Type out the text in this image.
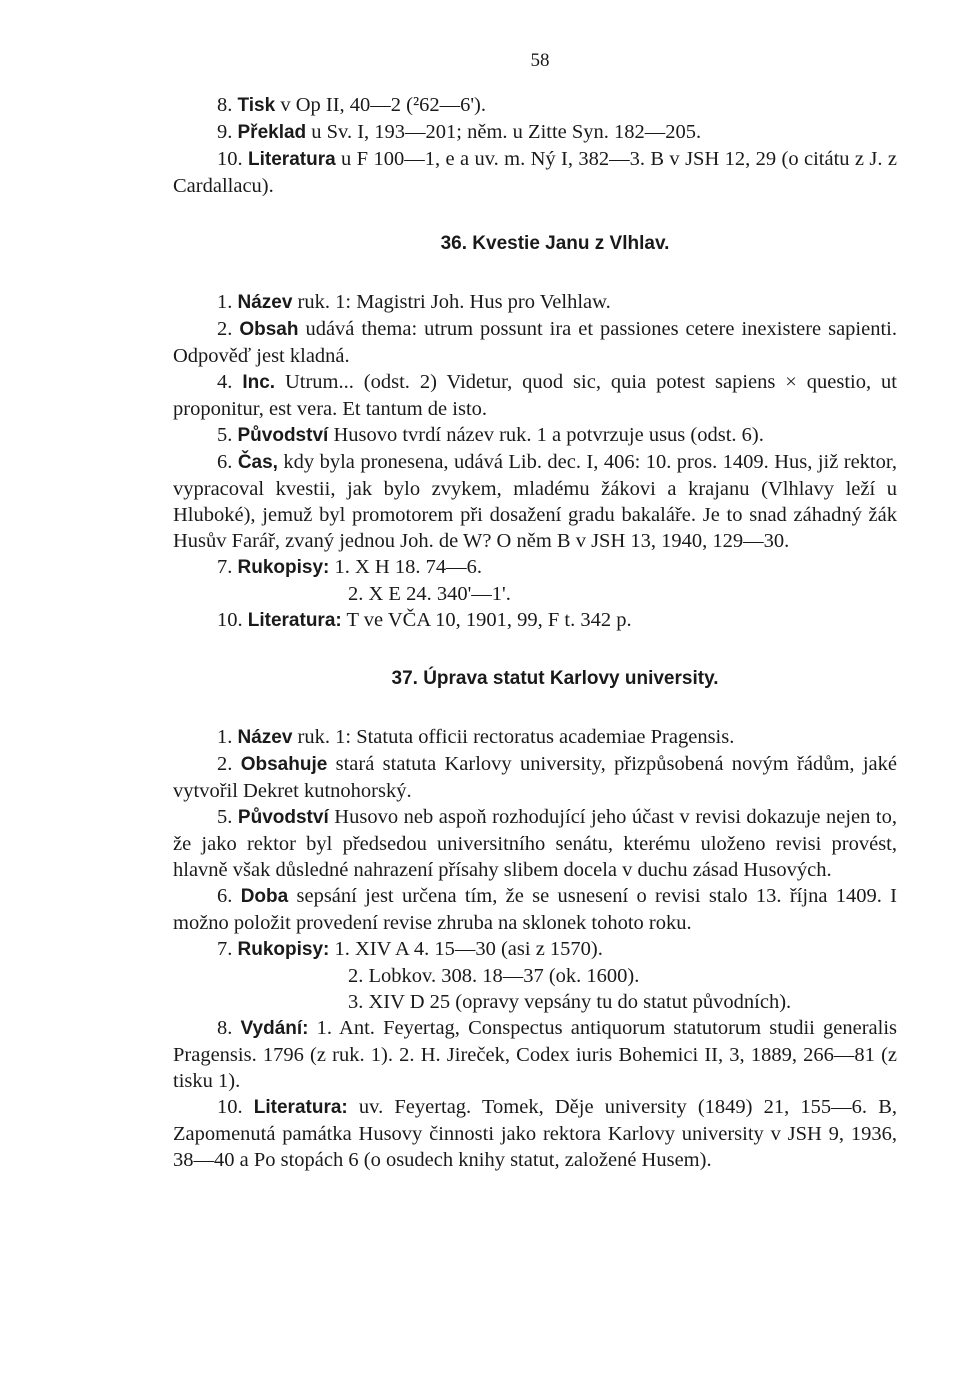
58

8. Tisk v Op II, 40—2 (²62—6').

9. Překlad u Sv. I, 193—201; něm. u Zitte Syn. 182—205.

10. Literatura u F 100—1, e a uv. m. Ný I, 382—3. B v JSH 12, 29 (o citátu z J. z Cardallacu).

36. Kvestie Janu z Vlhlav.

1. Název ruk. 1: Magistri Joh. Hus pro Velhlaw.

2. Obsah udává thema: utrum possunt ira et passiones cetere inexistere sapienti. Odpověď jest kladná.

4. Inc. Utrum... (odst. 2) Videtur, quod sic, quia potest sapiens × questio, ut proponitur, est vera. Et tantum de isto.

5. Původství Husovo tvrdí název ruk. 1 a potvrzuje usus (odst. 6).

6. Čas, kdy byla pronesena, udává Lib. dec. I, 406: 10. pros. 1409. Hus, již rektor, vypracoval kvestii, jak bylo zvykem, mladému žákovi a krajanu (Vlhlavy leží u Hluboké), jemuž byl promotorem při dosažení gradu bakaláře. Je to snad záhadný žák Husův Farář, zvaný jednou Joh. de W? O něm B v JSH 13, 1940, 129—30.

7. Rukopisy: 1. X H 18. 74—6.

2. X E 24. 340'—1'.

10. Literatura: T ve VČA 10, 1901, 99, F t. 342 p.

37. Úprava statut Karlovy university.

1. Název ruk. 1: Statuta officii rectoratus academiae Pragensis.

2. Obsahuje stará statuta Karlovy university, přizpůsobená novým řádům, jaké vytvořil Dekret kutnohorský.

5. Původství Husovo neb aspoň rozhodující jeho účast v revisi dokazuje nejen to, že jako rektor byl předsedou universitního senátu, kterému uloženo revisi provést, hlavně však důsledné nahrazení přísahy slibem docela v duchu zásad Husových.

6. Doba sepsání jest určena tím, že se usnesení o revisi stalo 13. října 1409. I možno položit provedení revise zhruba na sklonek tohoto roku.

7. Rukopisy: 1. XIV A 4. 15—30 (asi z 1570).

2. Lobkov. 308. 18—37 (ok. 1600).

3. XIV D 25 (opravy vepsány tu do statut původních).

8. Vydání: 1. Ant. Feyertag, Conspectus antiquorum statutorum studii generalis Pragensis. 1796 (z ruk. 1). 2. H. Jireček, Codex iuris Bohemici II, 3, 1889, 266—81 (z tisku 1).

10. Literatura: uv. Feyertag. Tomek, Děje university (1849) 21, 155—6. B, Zapomenutá památka Husovy činnosti jako rektora Karlovy university v JSH 9, 1936, 38—40 a Po stopách 6 (o osudech knihy statut, založené Husem).
